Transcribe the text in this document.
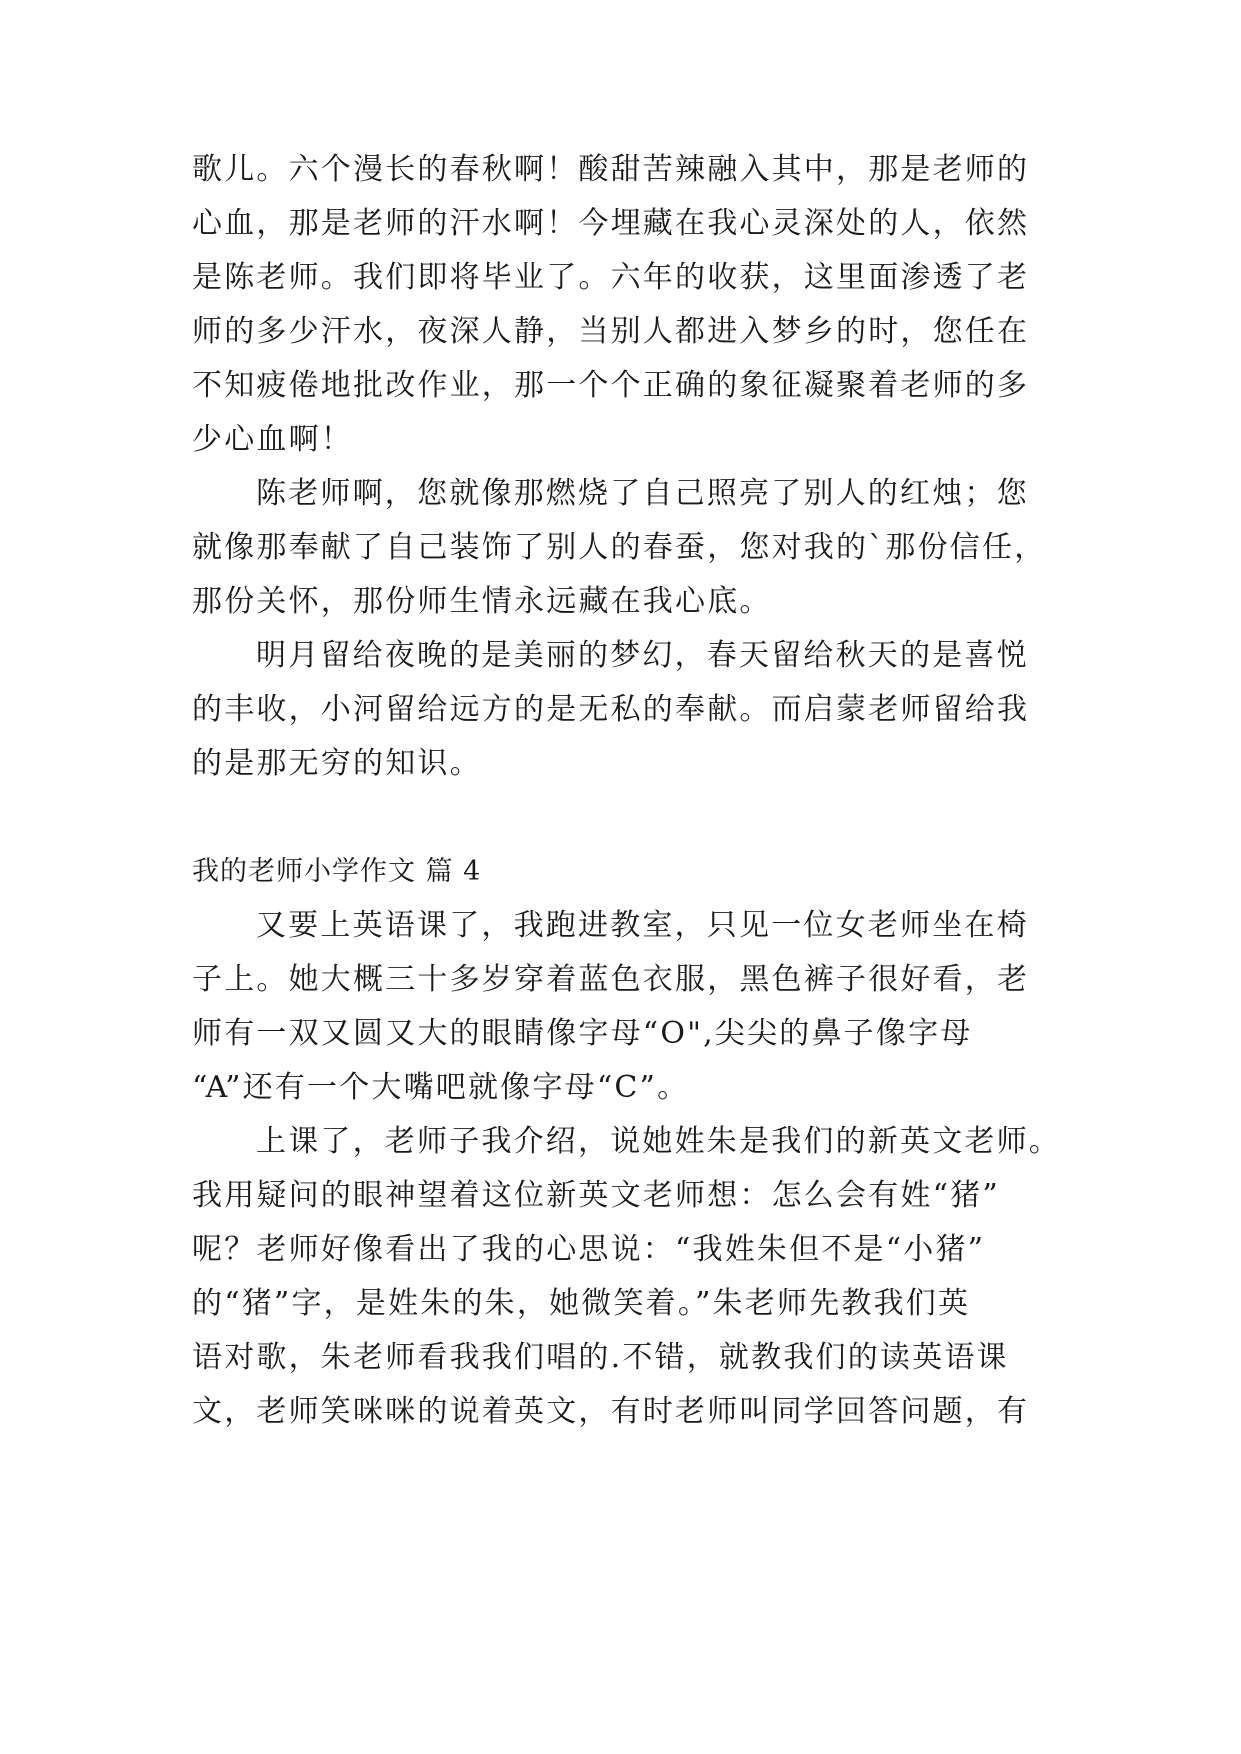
歌儿。六个漫长的春秋啊！酸甜苦辣融入其中，那是老师的
心血，那是老师的汗水啊！今埋藏在我心灵深处的人，依然
是陈老师。我们即将毕业了。六年的收获，这里面渗透了老
师的多少汗水，夜深人静，当别人都进入梦乡的时，您任在
不知疲倦地批改作业，那一个个正确的象征凝聚着老师的多
少心血啊！
陈老师啊，您就像那燃烧了自己照亮了别人的红烛；您
就像那奉献了自己装饰了别人的春蚕，您对我的`那份信任，
那份关怀，那份师生情永远藏在我心底。
明月留给夜晚的是美丽的梦幻，春天留给秋天的是喜悦
的丰收，小河留给远方的是无私的奉献。而启蒙老师留给我
的是那无穷的知识。
我的老师小学作文 篇 4
又要上英语课了，我跑进教室，只见一位女老师坐在椅
子上。她大概三十多岁穿着蓝色衣服，黑色裤子很好看，老
师有一双又圆又大的眼睛像字母“O",尖尖的鼻子像字母
“A”还有一个大嘴吧就像字母“C”。
上课了，老师子我介绍，说她姓朱是我们的新英文老师。
我用疑问的眼神望着这位新英文老师想：怎么会有姓“猪”
呢？老师好像看出了我的心思说：“我姓朱但不是“小猪”
的“猪”字，是姓朱的朱，她微笑着。”朱老师先教我们英
语对歌，朱老师看我我们唱的.不错，就教我们的读英语课
文，老师笑咪咪的说着英文，有时老师叫同学回答问题，有
